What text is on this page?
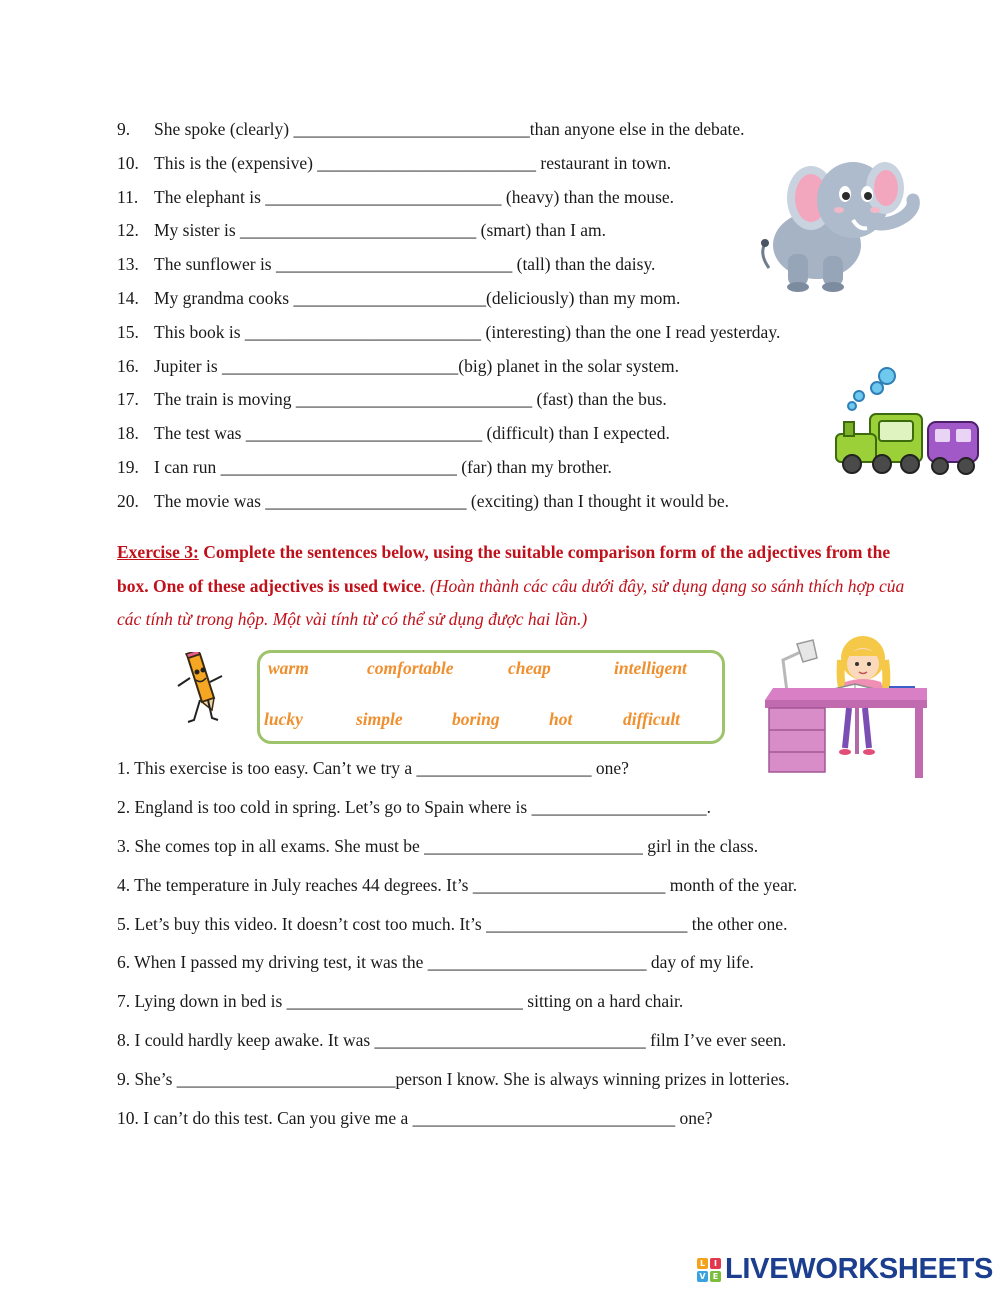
9. She spoke (clearly) ___________________________than anyone else in the debate.
10. This is the (expensive) _________________________ restaurant in town.
11. The elephant is ___________________________ (heavy) than the mouse.
12. My sister is ___________________________ (smart) than I am.
13. The sunflower is ___________________________ (tall) than the daisy.
14. My grandma cooks ______________________(deliciously) than my mom.
15. This book is ___________________________ (interesting) than the one I read yesterday.
16. Jupiter is ___________________________(big) planet in the solar system.
17. The train is moving ___________________________ (fast) than the bus.
18. The test was ___________________________ (difficult) than I expected.
19. I can run ___________________________ (far) than my brother.
20. The movie was _______________________ (exciting) than I thought it would be.
Exercise 3: Complete the sentences below, using the suitable comparison form of the adjectives from the box. One of these adjectives is used twice. (Hoàn thành các câu dưới đây, sử dụng dạng so sánh thích hợp của các tính từ trong hộp. Một vài tính từ có thể sử dụng được hai lần.)
warm	comfortable	cheap	intelligent
lucky	simple	boring	hot	difficult
1. This exercise is too easy. Can’t we try a ____________________ one?
2. England is too cold in spring. Let’s go to Spain where is ____________________.
3. She comes top in all exams. She must be _________________________ girl in the class.
4. The temperature in July reaches 44 degrees. It’s ______________________ month of the year.
5. Let’s buy this video. It doesn’t cost too much. It’s _______________________ the other one.
6. When I passed my driving test, it was the _________________________ day of my life.
7. Lying down in bed is ___________________________ sitting on a hard chair.
8. I could hardly keep awake. It was _______________________________ film I’ve ever seen.
9. She’s _________________________person I know. She is always winning prizes in lotteries.
10. I can’t do this test. Can you give me a ______________________________ one?
L	I
V E LIVEWORKSHEETS
